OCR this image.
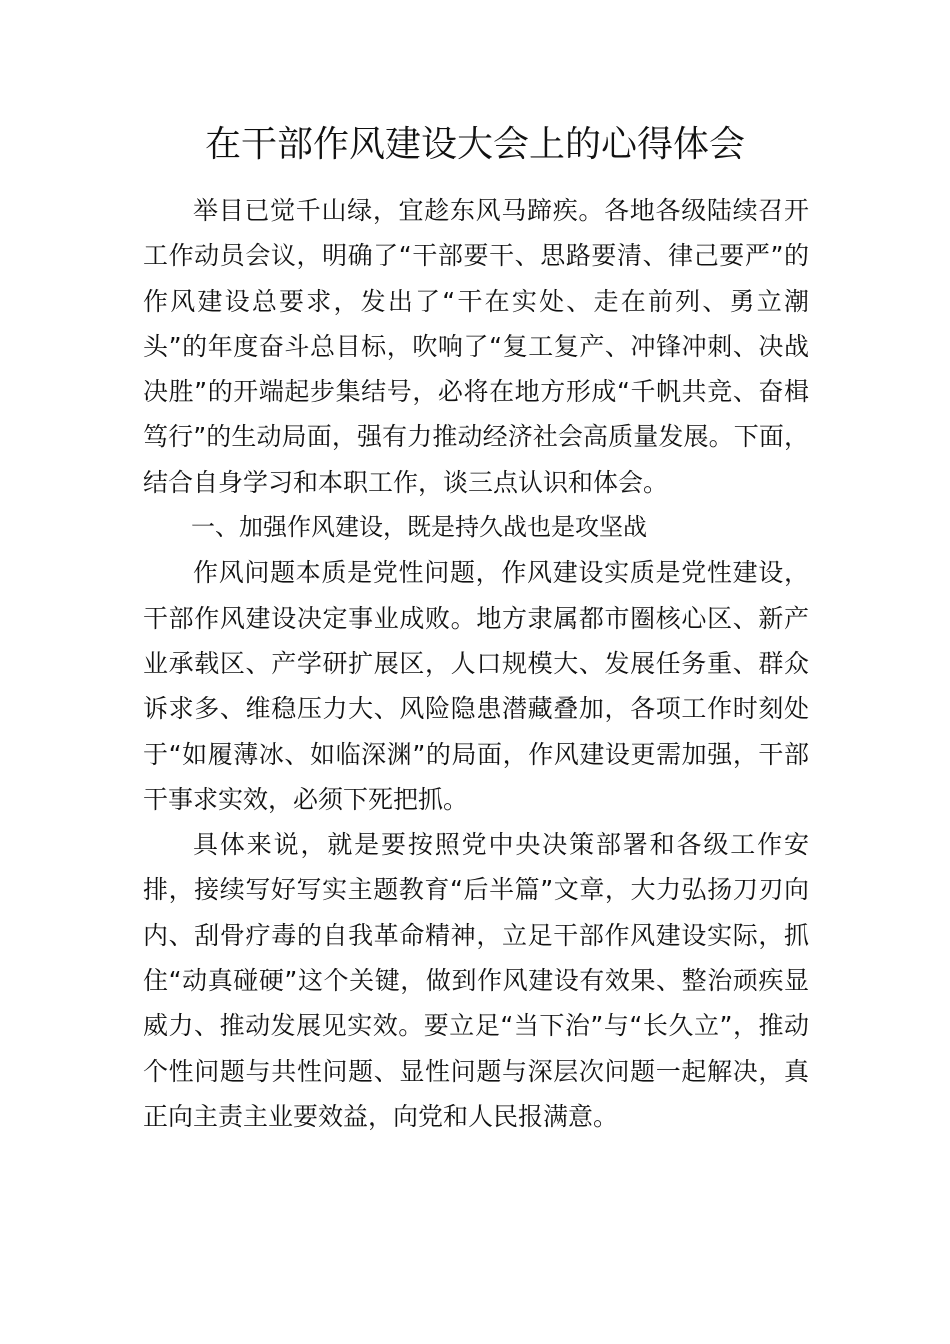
在干部作风建设大会上的心得体会

举目已觉千山绿，宜趁东风马蹄疾。各地各级陆续召开工作动员会议，明确了“干部要干、思路要清、律己要严”的作风建设总要求，发出了“干在实处、走在前列、勇立潮头”的年度奋斗总目标，吹响了“复工复产、冲锋冲刺、决战决胜”的开端起步集结号，必将在地方形成“千帆共竞、奋楫笃行”的生动局面，强有力推动经济社会高质量发展。下面，结合自身学习和本职工作，谈三点认识和体会。

一、加强作风建设，既是持久战也是攻坚战

作风问题本质是党性问题，作风建设实质是党性建设，干部作风建设决定事业成败。地方隶属都市圈核心区、新产业承载区、产学研扩展区，人口规模大、发展任务重、群众诉求多、维稳压力大、风险隐患潜藏叠加，各项工作时刻处于“如履薄冰、如临深渊”的局面，作风建设更需加强，干部干事求实效，必须下死把抓。

具体来说，就是要按照党中央决策部署和各级工作安排，接续写好写实主题教育“后半篇”文章，大力弘扬刀刃向内、刮骨疗毒的自我革命精神，立足干部作风建设实际，抓住“动真碰硬”这个关键，做到作风建设有效果、整治顽疾显威力、推动发展见实效。要立足“当下治”与“长久立”，推动个性问题与共性问题、显性问题与深层次问题一起解决，真正向主责主业要效益，向党和人民报满意。
